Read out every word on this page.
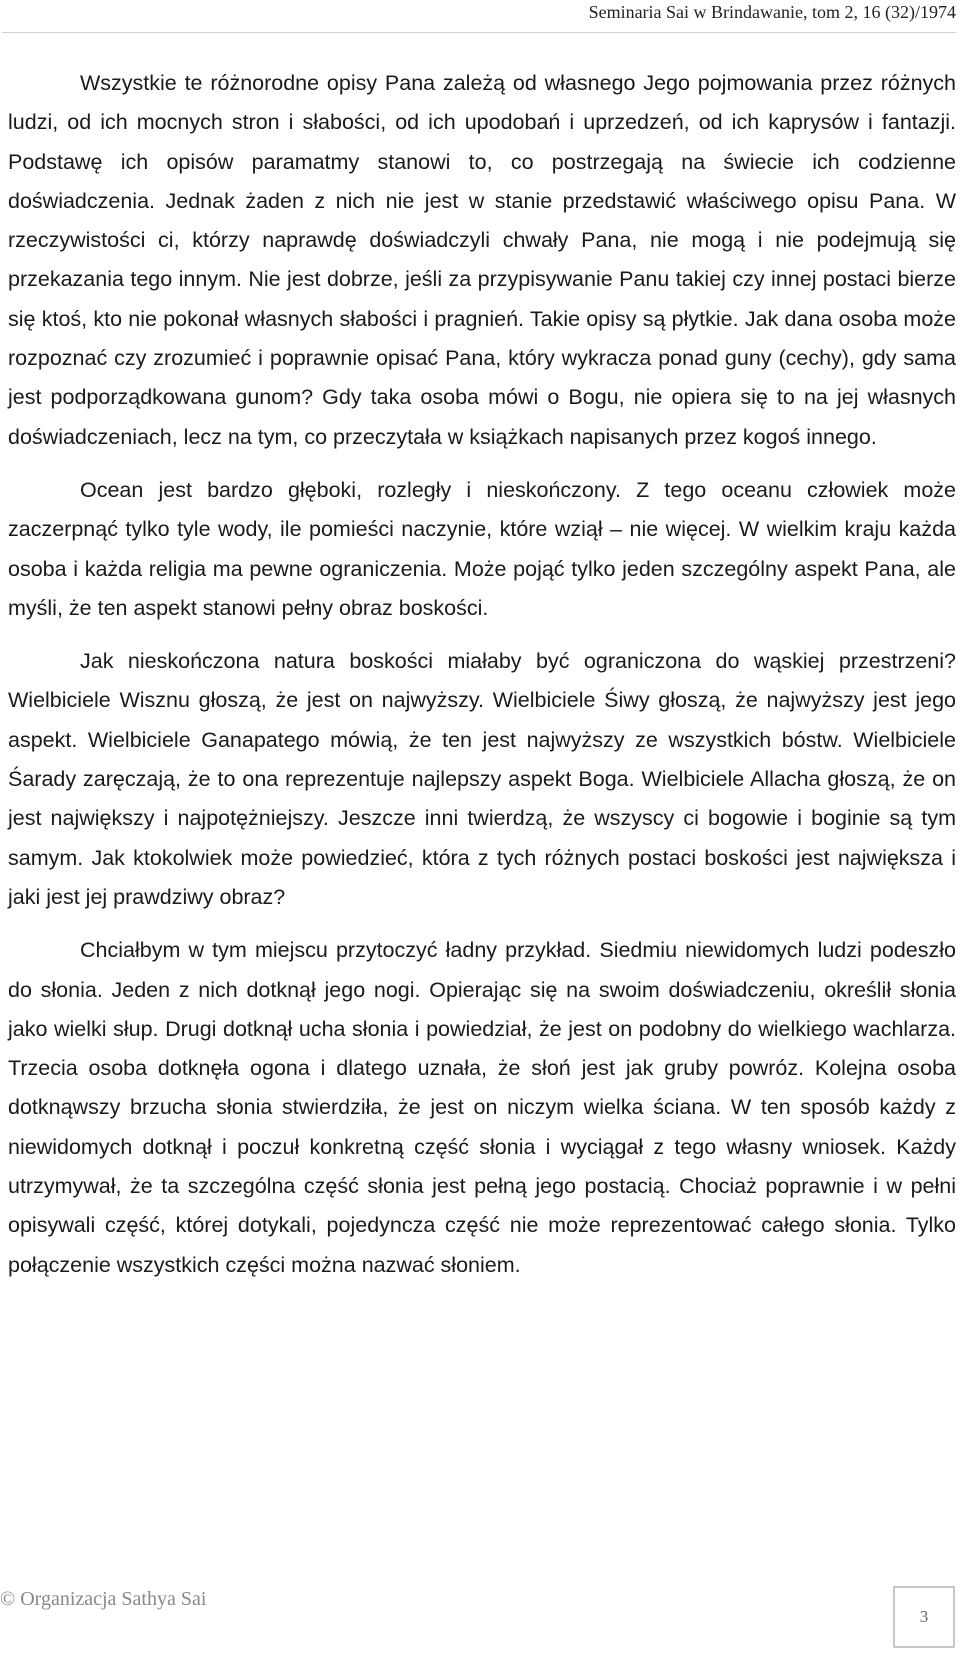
Seminaria Sai w Brindawanie, tom 2, 16 (32)/1974

Wszystkie te różnorodne opisy Pana zależą od własnego Jego pojmowania przez różnych ludzi, od ich mocnych stron i słabości, od ich upodobań i uprzedzeń, od ich kaprysów i fantazji. Podstawę ich opisów paramatmy stanowi to, co postrzegają na świecie ich codzienne doświadczenia. Jednak żaden z nich nie jest w stanie przedstawić właściwego opisu Pana. W rzeczywistości ci, którzy naprawdę doświadczyli chwały Pana, nie mogą i nie podejmują się przekazania tego innym. Nie jest dobrze, jeśli za przypisywanie Panu takiej czy innej postaci bierze się ktoś, kto nie pokonał własnych słabości i pragnień. Takie opisy są płytkie. Jak dana osoba może rozpoznać czy zrozumieć i poprawnie opisać Pana, który wykracza ponad guny (cechy), gdy sama jest podporządkowana gunom? Gdy taka osoba mówi o Bogu, nie opiera się to na jej własnych doświadczeniach, lecz na tym, co przeczytała w książkach napisanych przez kogoś innego.

Ocean jest bardzo głęboki, rozległy i nieskończony. Z tego oceanu człowiek może zaczerpnąć tylko tyle wody, ile pomieści naczynie, które wziął – nie więcej. W wielkim kraju każda osoba i każda religia ma pewne ograniczenia. Może pojąć tylko jeden szczególny aspekt Pana, ale myśli, że ten aspekt stanowi pełny obraz boskości.

Jak nieskończona natura boskości miałaby być ograniczona do wąskiej przestrzeni? Wielbiciele Wisznu głoszą, że jest on najwyższy. Wielbiciele Śiwy głoszą, że najwyższy jest jego aspekt. Wielbiciele Ganapatego mówią, że ten jest najwyższy ze wszystkich bóstw. Wielbiciele Śarady zaręczają, że to ona reprezentuje najlepszy aspekt Boga. Wielbiciele Allacha głoszą, że on jest największy i najpotężniejszy. Jeszcze inni twierdzą, że wszyscy ci bogowie i boginie są tym samym. Jak ktokolwiek może powiedzieć, która z tych różnych postaci boskości jest największa i jaki jest jej prawdziwy obraz?

Chciałbym w tym miejscu przytoczyć ładny przykład. Siedmiu niewidomych ludzi podeszło do słonia. Jeden z nich dotknął jego nogi. Opierając się na swoim doświadczeniu, określił słonia jako wielki słup. Drugi dotknął ucha słonia i powiedział, że jest on podobny do wielkiego wachlarza. Trzecia osoba dotknęła ogona i dlatego uznała, że słoń jest jak gruby powróz. Kolejna osoba dotknąwszy brzucha słonia stwierdziła, że jest on niczym wielka ściana. W ten sposób każdy z niewidomych dotknął i poczuł konkretną część słonia i wyciągał z tego własny wniosek. Każdy utrzymywał, że ta szczególna część słonia jest pełną jego postacią. Chociaż poprawnie i w pełni opisywali część, której dotykali, pojedyncza część nie może reprezentować całego słonia. Tylko połączenie wszystkich części można nazwać słoniem.

© Organizacja Sathya Sai
3
